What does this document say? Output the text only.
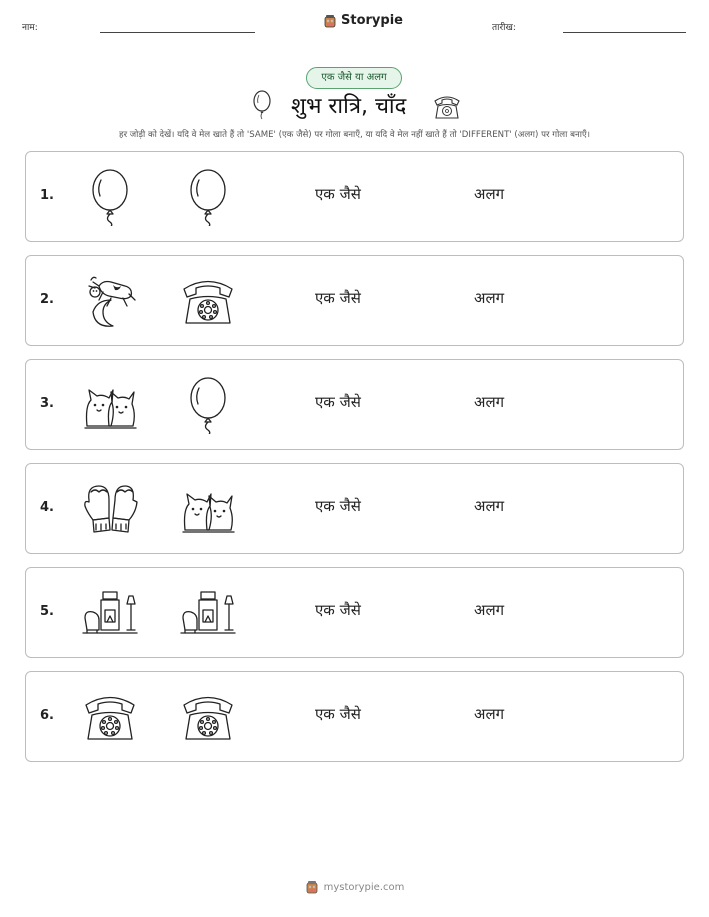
नाम:	Storypie	तारीख:
एक जैसे या अलग
शुभ रात्रि, चाँद
हर जोड़ी को देखें। यदि वे मेल खाते हैं तो 'SAME' (एक जैसे) पर गोला बनाएँ, या यदि वे मेल नहीं खाते हैं तो 'DIFFERENT' (अलग) पर गोला बनाएँ।
1.	एक जैसे	अलग
2.	एक जैसे	अलग
3.	एक जैसे	अलग
4.	एक जैसे	अलग
5.	एक जैसे	अलग
6.	एक जैसे	अलग
mystorypie.com
